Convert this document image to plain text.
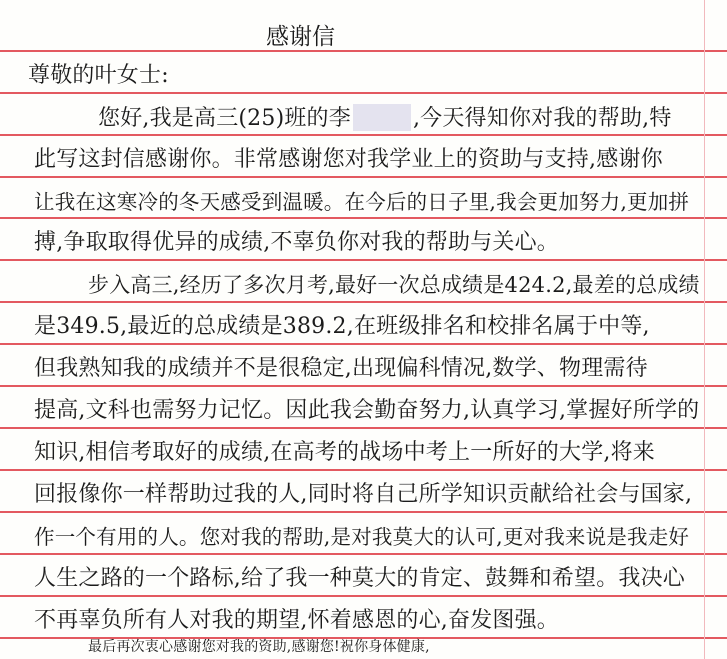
感谢信
尊敬的叶女士:
您好,我是高三(25)班的李	,今天得知你对我的帮助,特
此写这封信感谢你。非常感谢您对我学业上的资助与支持,感谢你
让我在这寒冷的冬天感受到温暖。在今后的日子里,我会更加努力,更加拼
搏,争取取得优异的成绩,不辜负你对我的帮助与关心。
步入高三,经历了多次月考,最好一次总成绩是424.2,最差的总成绩
是349.5,最近的总成绩是389.2,在班级排名和校排名属于中等,
但我熟知我的成绩并不是很稳定,出现偏科情况,数学、物理需待
提高,文科也需努力记忆。因此我会勤奋努力,认真学习,掌握好所学的
知识,相信考取好的成绩,在高考的战场中考上一所好的大学,将来
回报像你一样帮助过我的人,同时将自己所学知识贡献给社会与国家,
作一个有用的人。您对我的帮助,是对我莫大的认可,更对我来说是我走好
人生之路的一个路标,给了我一种莫大的肯定、鼓舞和希望。我决心
不再辜负所有人对我的期望,怀着感恩的心,奋发图强。
最后再次衷心感谢您对我的资助,感谢您!祝你身体健康,
